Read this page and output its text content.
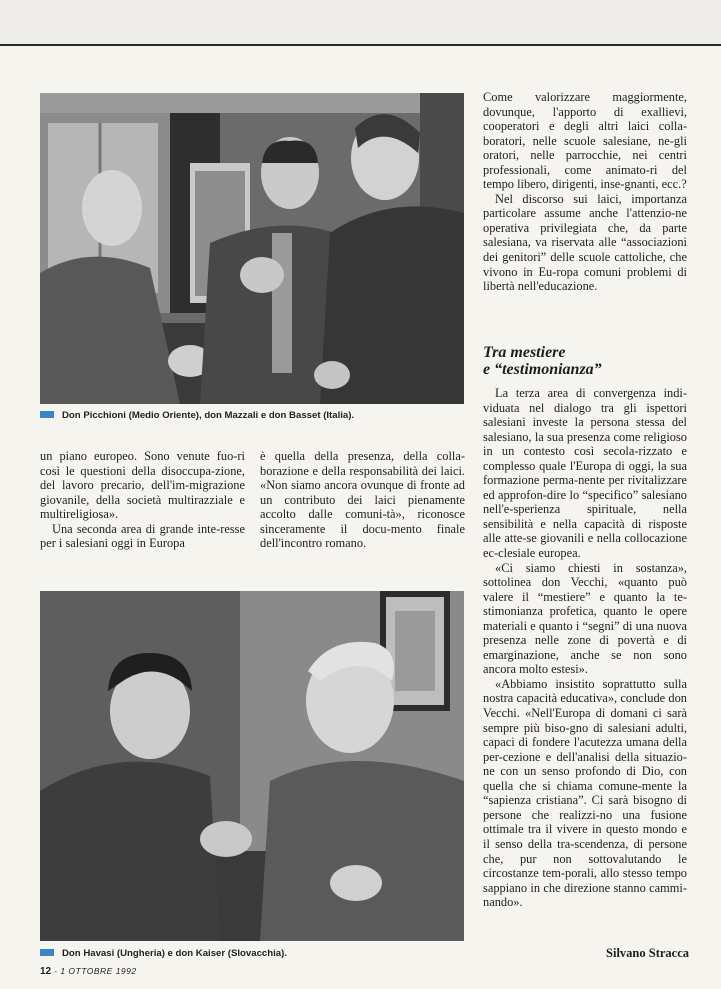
Don Picchioni (Medio Oriente), don Mazzali e don Basset (Italia).

un piano europeo. Sono venute fuo-ri così le questioni della disoccupa-zione, del lavoro precario, dell'im-migrazione giovanile, della società multirazziale e multireligiosa».

Una seconda area di grande inte-resse per i salesiani oggi in Europa

è quella della presenza, della colla-borazione e della responsabilità dei laici. «Non siamo ancora ovunque di fronte ad un contributo dei laici pienamente accolto dalle comuni-tà», riconosce sinceramente il docu-mento finale dell'incontro romano.

Don Havasi (Ungheria) e don Kaiser (Slovacchia).

Come valorizzare maggiormente, dovunque, l'apporto di exallievi, cooperatori e degli altri laici colla-boratori, nelle scuole salesiane, ne-gli oratori, nelle parrocchie, nei centri professionali, come animato-ri del tempo libero, dirigenti, inse-gnanti, ecc.?

Nel discorso sui laici, importanza particolare assume anche l'attenzio-ne operativa privilegiata che, da parte salesiana, va riservata alle “associazioni dei genitori” delle scuole cattoliche, che vivono in Eu-ropa comuni problemi di libertà nell'educazione.

Tra mestiere
e “testimonianza”

La terza area di convergenza indi-viduata nel dialogo tra gli ispettori salesiani investe la persona stessa del salesiano, la sua presenza come religioso in un contesto così secola-rizzato e complesso quale l'Europa di oggi, la sua formazione perma-nente per rivitalizzare ed approfon-dire lo “specifico” salesiano nell'e-sperienza spirituale, nella sensibilità e nella capacità di risposte alle atte-se giovanili e nella collocazione ec-clesiale europea.

«Ci siamo chiesti in sostanza», sottolinea don Vecchi, «quanto può valere il “mestiere” e quanto la te-stimonianza profetica, quanto le opere materiali e quanto i “segni” di una nuova presenza nelle zone di povertà e di emarginazione, anche se non sono ancora molto estesi».

«Abbiamo insistito soprattutto sulla nostra capacità educativa», conclude don Vecchi. «Nell'Europa di domani ci sarà sempre più biso-gno di salesiani adulti, capaci di fondere l'acutezza umana della per-cezione e dell'analisi della situazio-ne con un senso profondo di Dio, con quella che si chiama comune-mente la “sapienza cristiana”. Ci sarà bisogno di persone che realizzi-no una fusione ottimale tra il vivere in questo mondo e il senso della tra-scendenza, di persone che, pur non sottovalutando le circostanze tem-porali, allo stesso tempo sappiano in che direzione stanno cammi-nando».

Silvano Stracca
12 - 1 OTTOBRE 1992
